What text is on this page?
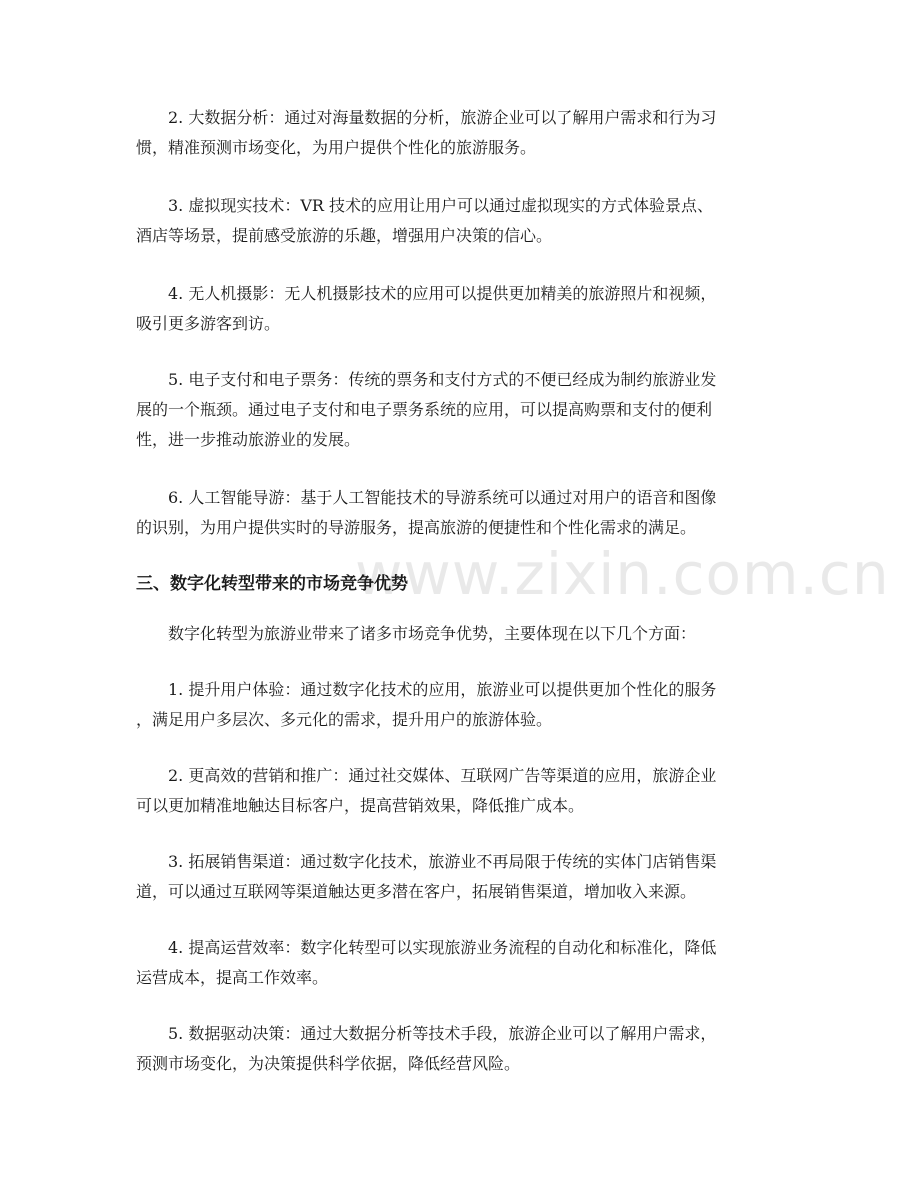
www.zixin.com.cn

2. 大数据分析：通过对海量数据的分析，旅游企业可以了解用户需求和行为习
惯，精准预测市场变化，为用户提供个性化的旅游服务。

3. 虚拟现实技术：VR 技术的应用让用户可以通过虚拟现实的方式体验景点、
酒店等场景，提前感受旅游的乐趣，增强用户决策的信心。

4. 无人机摄影：无人机摄影技术的应用可以提供更加精美的旅游照片和视频，
吸引更多游客到访。

5. 电子支付和电子票务：传统的票务和支付方式的不便已经成为制约旅游业发
展的一个瓶颈。通过电子支付和电子票务系统的应用，可以提高购票和支付的便利
性，进一步推动旅游业的发展。

6. 人工智能导游：基于人工智能技术的导游系统可以通过对用户的语音和图像
的识别，为用户提供实时的导游服务，提高旅游的便捷性和个性化需求的满足。

三、数字化转型带来的市场竞争优势

数字化转型为旅游业带来了诸多市场竞争优势，主要体现在以下几个方面：

1. 提升用户体验：通过数字化技术的应用，旅游业可以提供更加个性化的服务
，满足用户多层次、多元化的需求，提升用户的旅游体验。

2. 更高效的营销和推广：通过社交媒体、互联网广告等渠道的应用，旅游企业
可以更加精准地触达目标客户，提高营销效果，降低推广成本。

3. 拓展销售渠道：通过数字化技术，旅游业不再局限于传统的实体门店销售渠
道，可以通过互联网等渠道触达更多潜在客户，拓展销售渠道，增加收入来源。

4. 提高运营效率：数字化转型可以实现旅游业务流程的自动化和标准化，降低
运营成本，提高工作效率。

5. 数据驱动决策：通过大数据分析等技术手段，旅游企业可以了解用户需求，
预测市场变化，为决策提供科学依据，降低经营风险。
